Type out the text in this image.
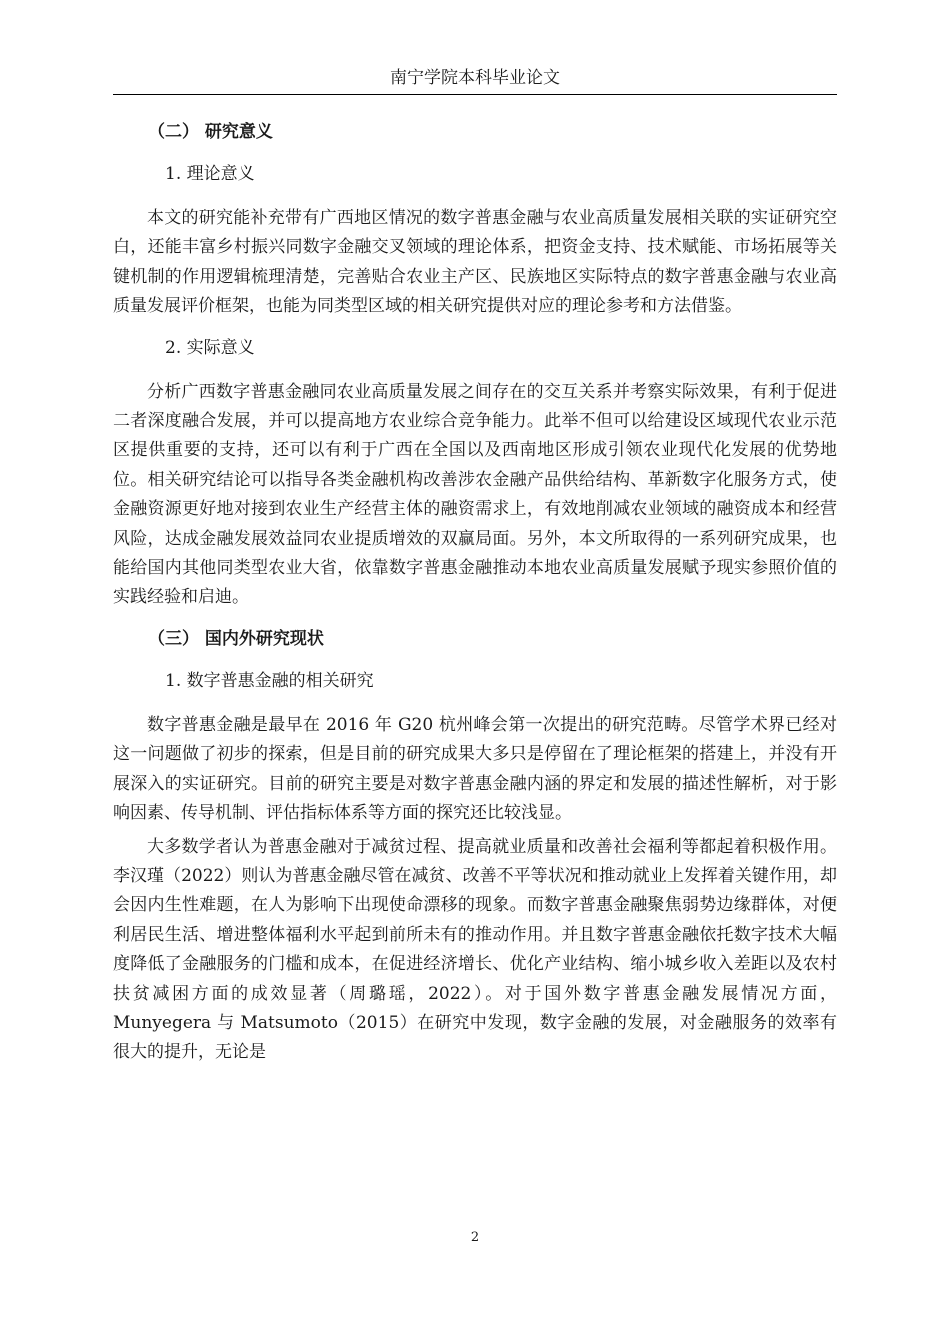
南宁学院本科毕业论文
（二） 研究意义
1. 理论意义

本文的研究能补充带有广西地区情况的数字普惠金融与农业高质量发展相关联的实证研究空白，还能丰富乡村振兴同数字金融交叉领域的理论体系，把资金支持、技术赋能、市场拓展等关键机制的作用逻辑梳理清楚，完善贴合农业主产区、民族地区实际特点的数字普惠金融与农业高质量发展评价框架，也能为同类型区域的相关研究提供对应的理论参考和方法借鉴。

2. 实际意义

分析广西数字普惠金融同农业高质量发展之间存在的交互关系并考察实际效果，有利于促进二者深度融合发展，并可以提高地方农业综合竞争能力。此举不但可以给建设区域现代农业示范区提供重要的支持，还可以有利于广西在全国以及西南地区形成引领农业现代化发展的优势地位。相关研究结论可以指导各类金融机构改善涉农金融产品供给结构、革新数字化服务方式，使金融资源更好地对接到农业生产经营主体的融资需求上，有效地削减农业领域的融资成本和经营风险，达成金融发展效益同农业提质增效的双赢局面。另外，本文所取得的一系列研究成果，也能给国内其他同类型农业大省，依靠数字普惠金融推动本地农业高质量发展赋予现实参照价值的实践经验和启迪。

（三） 国内外研究现状
1. 数字普惠金融的相关研究

数字普惠金融是最早在 2016 年 G20 杭州峰会第一次提出的研究范畴。尽管学术界已经对这一问题做了初步的探索，但是目前的研究成果大多只是停留在了理论框架的搭建上，并没有开展深入的实证研究。目前的研究主要是对数字普惠金融内涵的界定和发展的描述性解析，对于影响因素、传导机制、评估指标体系等方面的探究还比较浅显。

大多数学者认为普惠金融对于减贫过程、提高就业质量和改善社会福利等都起着积极作用。李汉瑾（2022）则认为普惠金融尽管在减贫、改善不平等状况和推动就业上发挥着关键作用，却会因内生性难题，在人为影响下出现使命漂移的现象。而数字普惠金融聚焦弱势边缘群体，对便利居民生活、增进整体福利水平起到前所未有的推动作用。并且数字普惠金融依托数字技术大幅度降低了金融服务的门槛和成本，在促进经济增长、优化产业结构、缩小城乡收入差距以及农村扶贫减困方面的成效显著（周璐瑶，2022）。对于国外数字普惠金融发展情况方面，Munyegera 与 Matsumoto（2015）在研究中发现，数字金融的发展，对金融服务的效率有很大的提升，无论是

2
